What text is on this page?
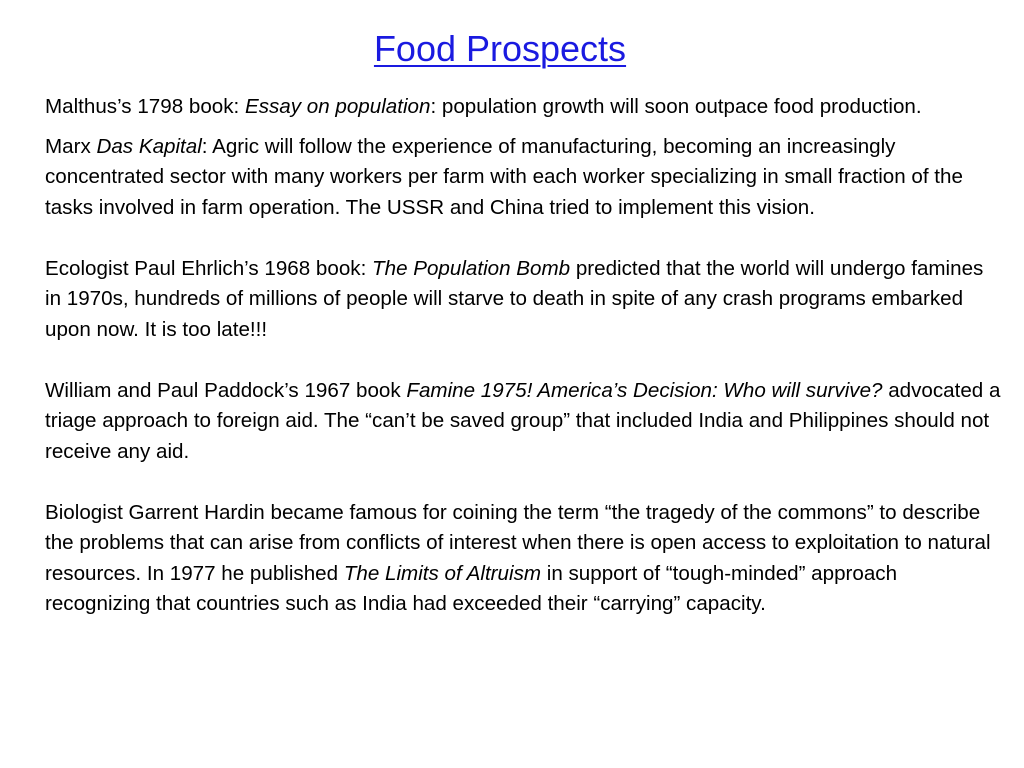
Food Prospects

Malthus’s 1798 book: Essay on population: population growth will soon outpace food production.

Marx Das Kapital: Agric will follow the experience of manufacturing, becoming an increasingly concentrated sector with many workers per farm with each worker specializing in small fraction of the tasks involved in farm operation. The USSR and China tried to implement this vision.

Ecologist Paul Ehrlich’s 1968 book: The Population Bomb predicted that the world will undergo famines in 1970s, hundreds of millions of people will starve to death in spite of any crash programs embarked upon now. It is too late!!!

William and Paul Paddock’s 1967 book Famine 1975! America’s Decision: Who will survive? advocated a triage approach to foreign aid. The “can’t be saved group” that included India and Philippines should not receive any aid.

Biologist Garrent Hardin became famous for coining the term “the tragedy of the commons” to describe the problems that can arise from conflicts of interest when there is open access to exploitation to natural resources. In 1977 he published The Limits of Altruism in support of “tough-minded” approach recognizing that countries such as India had exceeded their “carrying” capacity.
